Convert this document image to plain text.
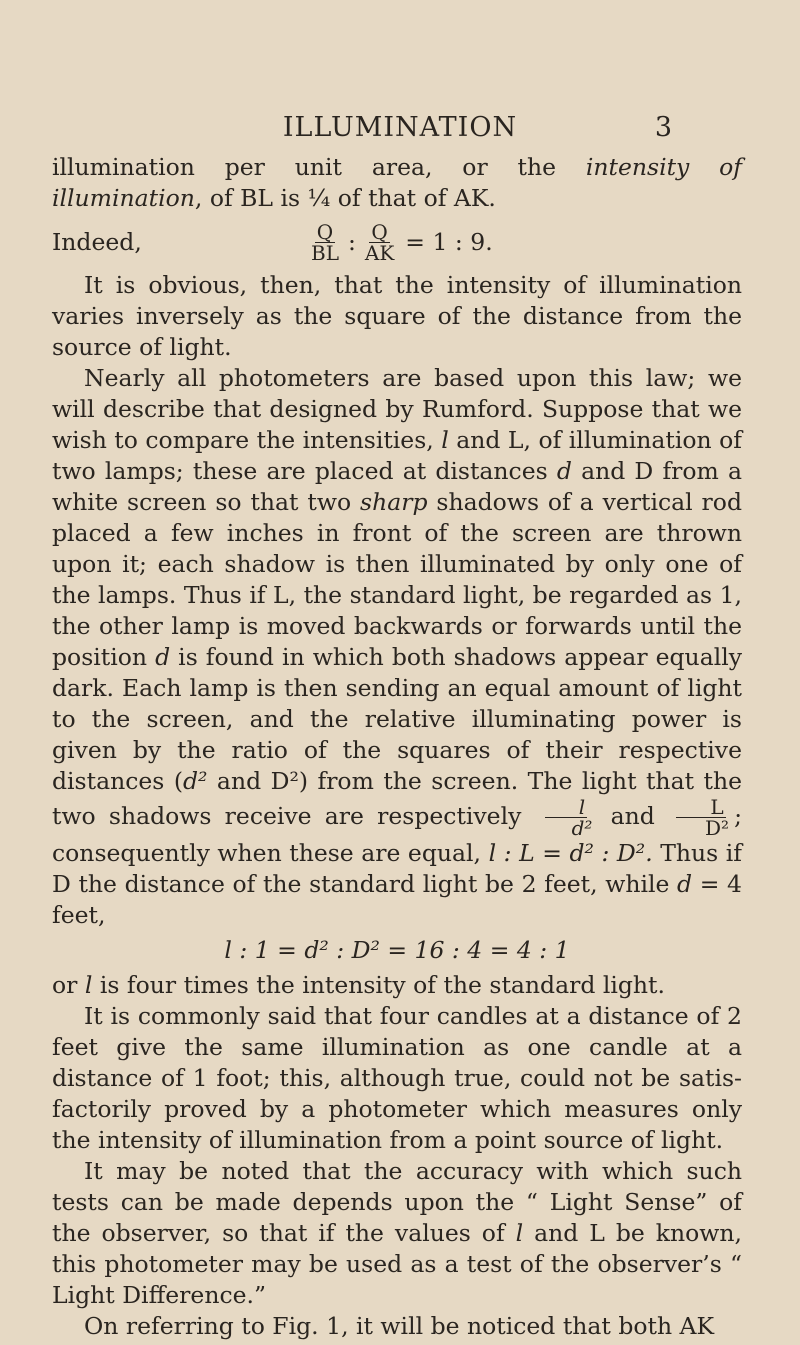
ILLUMINATION	3

illumination per unit area, or the intensity of illumination, of BL is ¼ of that of AK.

Indeed,	$\frac{Q}{BL}$ : $\frac{Q}{AK} = 1$ : 9.

It is obvious, then, that the intensity of illumination varies inversely as the square of the distance from the source of light.

Nearly all photometers are based upon this law; we will describe that designed by Rumford. Suppose that we wish to compare the intensities, l and L, of illumination of two lamps; these are placed at distances d and D from a white screen so that two sharp shadows of a vertical rod placed a few inches in front of the screen are thrown upon it; each shadow is then illuminated by only one of the lamps. Thus if L, the standard light, be regarded as 1, the other lamp is moved backwards or forwards until the position d is found in which both shadows appear equally dark. Each lamp is then sending an equal amount of light to the screen, and the relative illuminating power is given by the ratio of the squares of their respective distances (d² and D²) from the screen. The light that the two shadows receive are respectively $\frac{l}{\text{d²}}$ and $\frac{L}{\text{D²}}$ ; consequently when these are equal, l : L = d² : D². Thus if D the distance of the standard light be 2 feet, while d = 4 feet,

l : 1 = d² : D² = 16 : 4 = 4 : 1

or l is four times the intensity of the standard light.

It is commonly said that four candles at a distance of 2 feet give the same illumination as one candle at a distance of 1 foot; this, although true, could not be satis-factorily proved by a photometer which measures only the intensity of illumination from a point source of light.

It may be noted that the accuracy with which such tests can be made depends upon the “ Light Sense” of the observer, so that if the values of l and L be known, this photometer may be used as a test of the observer’s “ Light Difference.”

On referring to Fig. 1, it will be noticed that both AK
